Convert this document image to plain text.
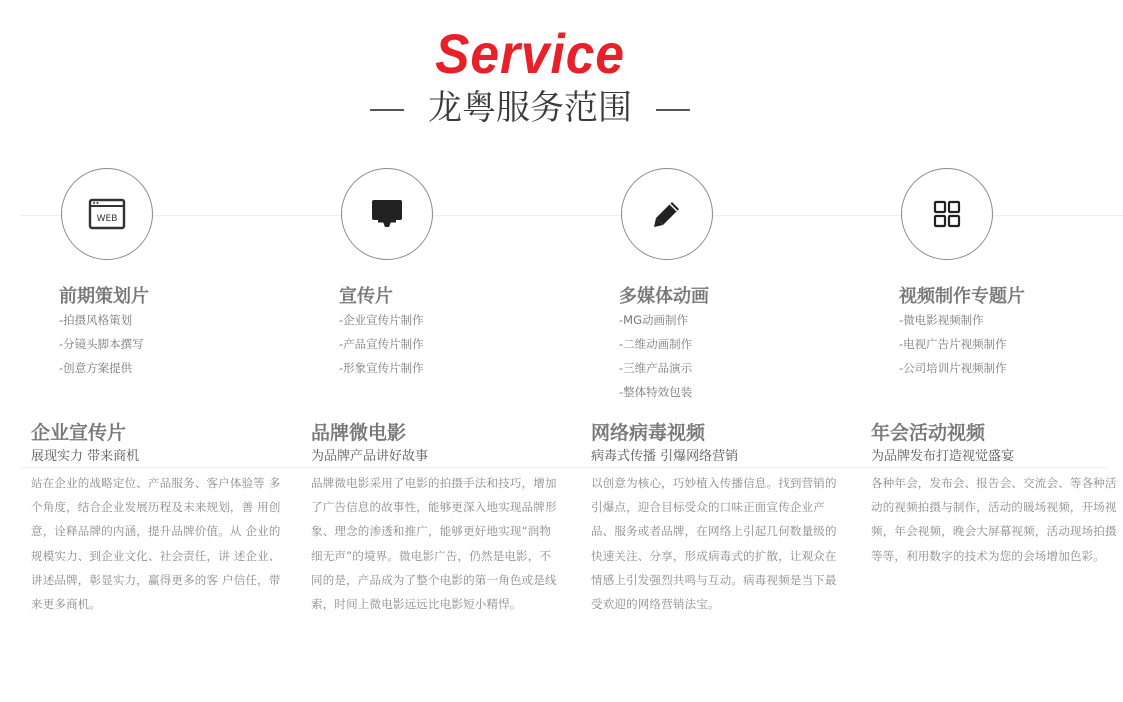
Service
龙粤服务范围
WEB
前期策划片
-拍摄风格策划
-分镜头脚本撰写
-创意方案提供
宣传片
-企业宣传片制作
-产品宣传片制作
-形象宣传片制作
多媒体动画
-MG动画制作
-二维动画制作
-三维产品演示
-整体特效包装
视频制作专题片
-微电影视频制作
-电视广告片视频制作
-公司培训片视频制作
企业宣传片
展现实力 带来商机
站在企业的战略定位、产品服务、客户体验等 多个角度，结合企业发展历程及未来规划，善 用创意，诠释品牌的内涵，提升品牌价值。从 企业的规模实力、到企业文化、社会责任，讲 述企业、讲述品牌，彰显实力，赢得更多的客 户信任，带来更多商机。
品牌微电影
为品牌产品讲好故事
品牌微电影采用了电影的拍摄手法和技巧，增加了广告信息的故事性，能够更深入地实现品牌形象、理念的渗透和推广，能够更好地实现“润物细无声”的境界。微电影广告，仍然是电影，不同的是，产品成为了整个电影的第一角色或是线索，时间上微电影远远比电影短小精悍。
网络病毒视频
病毒式传播 引爆网络营销
以创意为核心，巧妙植入传播信息。找到营销的引爆点，迎合目标受众的口味正面宣传企业产品、服务或者品牌，在网络上引起几何数量级的快速关注、分享，形成病毒式的扩散，让观众在情感上引发强烈共鸣与互动。病毒视频是当下最受欢迎的网络营销法宝。
年会活动视频
为品牌发布打造视觉盛宴
各种年会，发布会、报告会、交流会、等各种活动的视频拍摄与制作，活动的暖场视频，开场视频，年会视频，晚会大屏幕视频，活动现场拍摄等等，利用数字的技术为您的会场增加色彩。
